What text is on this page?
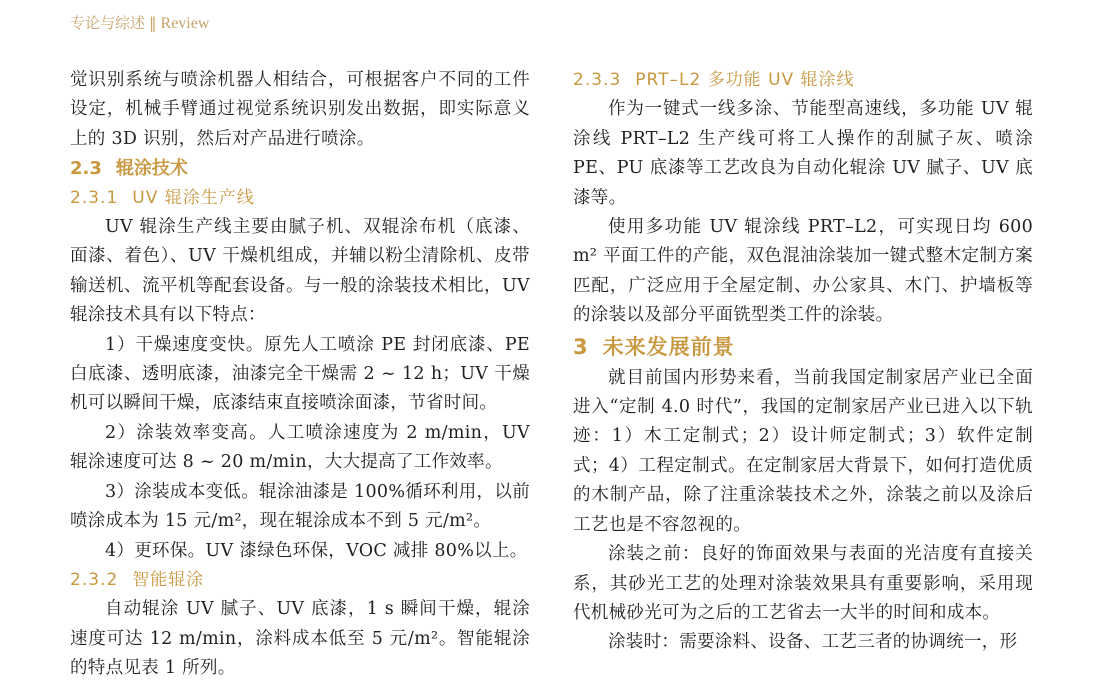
专论与综述 ‖ Review

觉识别系统与喷涂机器人相结合，可根据客户不同的工件设定，机械手臂通过视觉系统识别发出数据，即实际意义上的 3D 识别，然后对产品进行喷涂。

2.3 辊涂技术

2.3.1 UV 辊涂生产线

UV 辊涂生产线主要由腻子机、双辊涂布机（底漆、面漆、着色）、UV 干燥机组成，并辅以粉尘清除机、皮带输送机、流平机等配套设备。与一般的涂装技术相比，UV 辊涂技术具有以下特点：

1）干燥速度变快。原先人工喷涂 PE 封闭底漆、PE 白底漆、透明底漆，油漆完全干燥需 2 ~ 12 h；UV 干燥机可以瞬间干燥，底漆结束直接喷涂面漆，节省时间。

2）涂装效率变高。人工喷涂速度为 2 m/min，UV 辊涂速度可达 8 ~ 20 m/min，大大提高了工作效率。

3）涂装成本变低。辊涂油漆是 100%循环利用，以前喷涂成本为 15 元/m²，现在辊涂成本不到 5 元/m²。

4）更环保。UV 漆绿色环保，VOC 减排 80%以上。

2.3.2 智能辊涂

自动辊涂 UV 腻子、UV 底漆，1 s 瞬间干燥，辊涂速度可达 12 m/min，涂料成本低至 5 元/m²。智能辊涂的特点见表 1 所列。

2.3.3 PRT–L2 多功能 UV 辊涂线

作为一键式一线多涂、节能型高速线，多功能 UV 辊涂线 PRT–L2 生产线可将工人操作的刮腻子灰、喷涂 PE、PU 底漆等工艺改良为自动化辊涂 UV 腻子、UV 底漆等。

使用多功能 UV 辊涂线 PRT–L2，可实现日均 600 m² 平面工件的产能，双色混油涂装加一键式整木定制方案匹配，广泛应用于全屋定制、办公家具、木门、护墙板等的涂装以及部分平面铣型类工件的涂装。

3 未来发展前景

就目前国内形势来看，当前我国定制家居产业已全面进入“定制 4.0 时代”，我国的定制家居产业已进入以下轨迹：1）木工定制式；2）设计师定制式；3）软件定制式；4）工程定制式。在定制家居大背景下，如何打造优质的木制产品，除了注重涂装技术之外，涂装之前以及涂后工艺也是不容忽视的。

涂装之前：良好的饰面效果与表面的光洁度有直接关系，其砂光工艺的处理对涂装效果具有重要影响，采用现代机械砂光可为之后的工艺省去一大半的时间和成本。

涂装时：需要涂料、设备、工艺三者的协调统一，形
